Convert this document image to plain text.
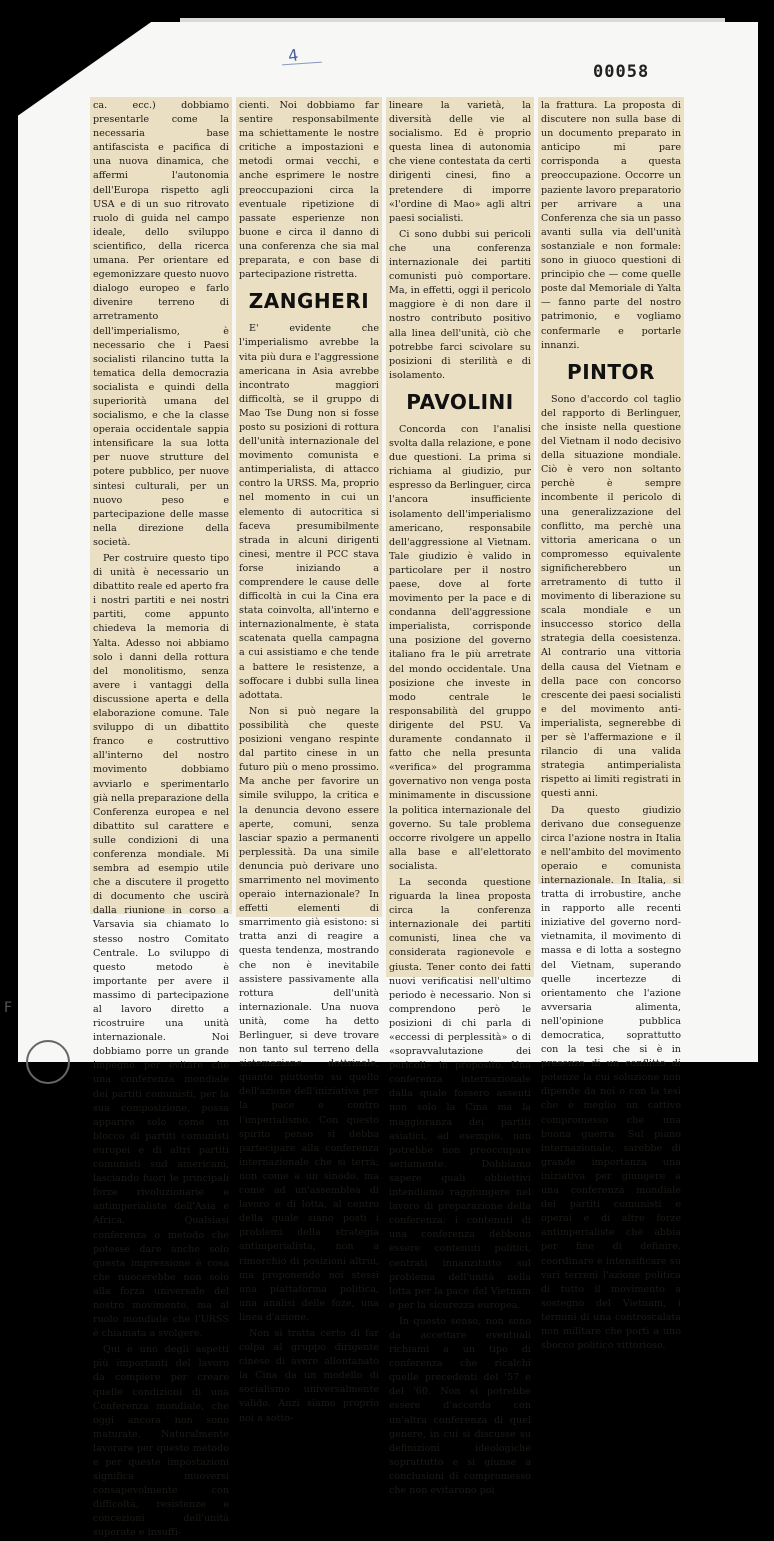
4
00058

ca. ecc.) dobbiamo presentarle come la necessaria base antifascista e pacifica di una nuova dinamica, che affermi l'autonomia dell'Europa rispetto agli USA e di un suo ritrovato ruolo di guida nel campo ideale, dello sviluppo scientifico, della ricerca umana. Per orientare ed egemonizzare questo nuovo dialogo europeo e farlo divenire terreno di arretramento dell'imperialismo, è necessario che i Paesi socialisti rilancino tutta la tematica della democrazia socialista e quindi della superiorità umana del socialismo, e che la classe operaia occidentale sappia intensificare la sua lotta per nuove strutture del potere pubblico, per nuove sintesi culturali, per un nuovo peso e partecipazione delle masse nella direzione della società.

Per costruire questo tipo di unità è necessario un dibattito reale ed aperto fra i nostri partiti e nei nostri partiti, come appunto chiedeva la memoria di Yalta. Adesso noi abbiamo solo i danni della rottura del monolitismo, senza avere i vantaggi della discussione aperta e della elaborazione comune. Tale sviluppo di un dibattito franco e costruttivo all'interno del nostro movimento dobbiamo avviarlo e sperimentarlo già nella preparazione della Conferenza europea e nel dibattito sul carattere e sulle condizioni di una conferenza mondiale. Mi sembra ad esempio utile che a discutere il progetto di documento che uscirà dalla riunione in corso a Varsavia sia chiamato lo stesso nostro Comitato Centrale. Lo sviluppo di questo metodo è importante per avere il massimo di partecipazione al lavoro diretto a ricostruire una unità internazionale. Noi dobbiamo porre un grande impegno per evitare che una conferenza mondiale dei partiti comunisti, per la sua composizione, possa apparire solo come un blocco di partiti comunisti europei e di altri partiti comunisti sud americani, lasciando fuori le principali forze rivoluzionarie e antimperialiste dell'Asia e Africa. Qualsiasi conferenza o metodo che potesse dare anche solo questa impressione è cosa che nuocerebbe non solo alla forza universale del nostro movimento, ma al ruolo mondiale che l'URSS è chiamata a svolgere.

Qui è uno degli aspetti più importanti del lavoro da compiere per creare quelle condizioni di una Conferenza mondiale, che oggi ancora non sono maturate. Naturalmente lavorare per questo metodo e per queste impostazioni significa muoversi consapevolmente con difficoltà, resistenze e concezioni dell'unità superate e insuffi-

cienti. Noi dobbiamo far sentire responsabilmente ma schiettamente le nostre critiche a impostazioni e metodi ormai vecchi, e anche esprimere le nostre preoccupazioni circa la eventuale ripetizione di passate esperienze non buone e circa il danno di una conferenza che sia mal preparata, e con base di partecipazione ristretta.

ZANGHERI

E' evidente che l'imperialismo avrebbe la vita più dura e l'aggressione americana in Asia avrebbe incontrato maggiori difficoltà, se il gruppo di Mao Tse Dung non si fosse posto su posizioni di rottura dell'unità internazionale del movimento comunista e antimperialista, di attacco contro la URSS. Ma, proprio nel momento in cui un elemento di autocritica si faceva presumibilmente strada in alcuni dirigenti cinesi, mentre il PCC stava forse iniziando a comprendere le cause delle difficoltà in cui la Cina era stata coinvolta, all'interno e internazionalmente, è stata scatenata quella campagna a cui assistiamo e che tende a battere le resistenze, a soffocare i dubbi sulla linea adottata.

Non si può negare la possibilità che queste posizioni vengano respinte dal partito cinese in un futuro più o meno prossimo. Ma anche per favorire un simile sviluppo, la critica e la denuncia devono essere aperte, comuni, senza lasciar spazio a permanenti perplessità. Da una simile denuncia può derivare uno smarrimento nel movimento operaio internazionale? In effetti elementi di smarrimento già esistono: si tratta anzi di reagire a questa tendenza, mostrando che non è inevitabile assistere passivamente alla rottura dell'unità internazionale. Una nuova unità, come ha detto Berlinguer, si deve trovare non tanto sul terreno della sistemazione dottrinale, quanto piuttosto su quello dell'azione dell'iniziativa per la pace e contro l'imperialismo. Con questo spirito penso si debba partecipare alla conferenza internazionale che si terrà; non come a un sinodo, ma come ad un'assemblea di lavoro e di lotta, al centro della quale siano posti i problemi della strategia antimperialista, non a rimorchio di posizioni altrui, ma proponendo noi stessi una piattaforma politica, una analisi delle foze, una linea d'azione.

Non si tratta certo di far colpa al gruppo dirigente cinese di avere allontanato la Cina da un modello di socialismo universalmente valido. Anzi siamo proprio noi a sotto-

lineare la varietà, la diversità delle vie al socialismo. Ed è proprio questa linea di autonomia che viene contestata da certi dirigenti cinesi, fino a pretendere di imporre «l'ordine di Mao» agli altri paesi socialisti.

Ci sono dubbi sui pericoli che una conferenza internazionale dei partiti comunisti può comportare. Ma, in effetti, oggi il pericolo maggiore è di non dare il nostro contributo positivo alla linea dell'unità, ciò che potrebbe farci scivolare su posizioni di sterilità e di isolamento.

PAVOLINI

Concorda con l'analisi svolta dalla relazione, e pone due questioni. La prima si richiama al giudizio, pur espresso da Berlinguer, circa l'ancora insufficiente isolamento dell'imperialismo americano, responsabile dell'aggressione al Vietnam. Tale giudizio è valido in particolare per il nostro paese, dove al forte movimento per la pace e di condanna dell'aggressione imperialista, corrisponde una posizione del governo italiano fra le più arretrate del mondo occidentale. Una posizione che investe in modo centrale le responsabilità del gruppo dirigente del PSU. Va duramente condannato il fatto che nella presunta «verifica» del programma governativo non venga posta minimamente in discussione la politica internazionale del governo. Su tale problema occorre rivolgere un appello alla base e all'elettorato socialista.

La seconda questione riguarda la linea proposta circa la conferenza internazionale dei partiti comunisti, linea che va considerata ragionevole e giusta. Tener conto dei fatti nuovi verificatisi nell'ultimo periodo è necessario. Non si comprendono però le posizioni di chi parla di «eccessi di perplessità» o di «sopravvalutazione dei pericoli» in proposito. Una conferenza internazionale dalla quale fossero assenti non solo la Cina ma la maggioranza dei partiti asiatici, ad esempio, non potrebbe non preoccupare seriamente. Dobbiamo sapere quali obbiettivi intendiamo raggiungere nel lavoro di preparazione della conferenza: i contenuti di una conferenza debbono essere contenuti politici, centrati innanzitutto sul problema dell'unità nella lotta per la pace del Vietnam e per la sicurezza europea.

In questo senso, non sono da accettare eventuali richiami a un tipo di conferenza che ricalchi quelle precedenti del '57 e del '60. Non si potrebbe essere d'accordo con un'altra conferenza di quel genere, in cui si discusse su definizioni ideologiche soprattutto e si giunse a conclusioni di compromesso che non evitarono poi

la frattura. La proposta di discutere non sulla base di un documento preparato in anticipo mi pare corrisponda a questa preoccupazione. Occorre un paziente lavoro preparatorio per arrivare a una Conferenza che sia un passo avanti sulla via dell'unità sostanziale e non formale: sono in giuoco questioni di principio che — come quelle poste dal Memoriale di Yalta — fanno parte del nostro patrimonio, e vogliamo confermarle e portarle innanzi.

PINTOR

Sono d'accordo col taglio del rapporto di Berlinguer, che insiste nella questione del Vietnam il nodo decisivo della situazione mondiale. Ciò è vero non soltanto perchè è sempre incombente il pericolo di una generalizzazione del conflitto, ma perchè una vittoria americana o un compromesso equivalente significherebbero un arretramento di tutto il movimento di liberazione su scala mondiale e un insuccesso storico della strategia della coesistenza. Al contrario una vittoria della causa del Vietnam e della pace con concorso crescente dei paesi socialisti e del movimento anti-imperialista, segnerebbe di per sè l'affermazione e il rilancio di una valida strategia antimperialista rispetto ai limiti registrati in questi anni.

Da questo giudizio derivano due conseguenze circa l'azione nostra in Italia e nell'ambito del movimento operaio e comunista internazionale. In Italia, si tratta di irrobustire, anche in rapporto alle recenti iniziative del governo nord-vietnamita, il movimento di massa e di lotta a sostegno del Vietnam, superando quelle incertezze di orientamento che l'azione avversaria alimenta, nell'opinione pubblica democratica, soprattutto con la tesi che si è in presenza di un conflitto di potenze la cui soluzione non dipende da noi o con la tesi che è meglio un cattivo compromesso che una buona guerra. Sul piano internazionale, sarebbe di grande importanza una iniziativa per giungere a una conferenza mondiale dei partiti comunisti e operai e di altre forze antimperialiste che abbia per fine di definire, coordinare e intensificare su vari terreni l'azione politica di tutto il movimento a sostegno del Vietnam, i termini di una controscalata non militare che porti a uno sbocco politico vittorioso.

F
